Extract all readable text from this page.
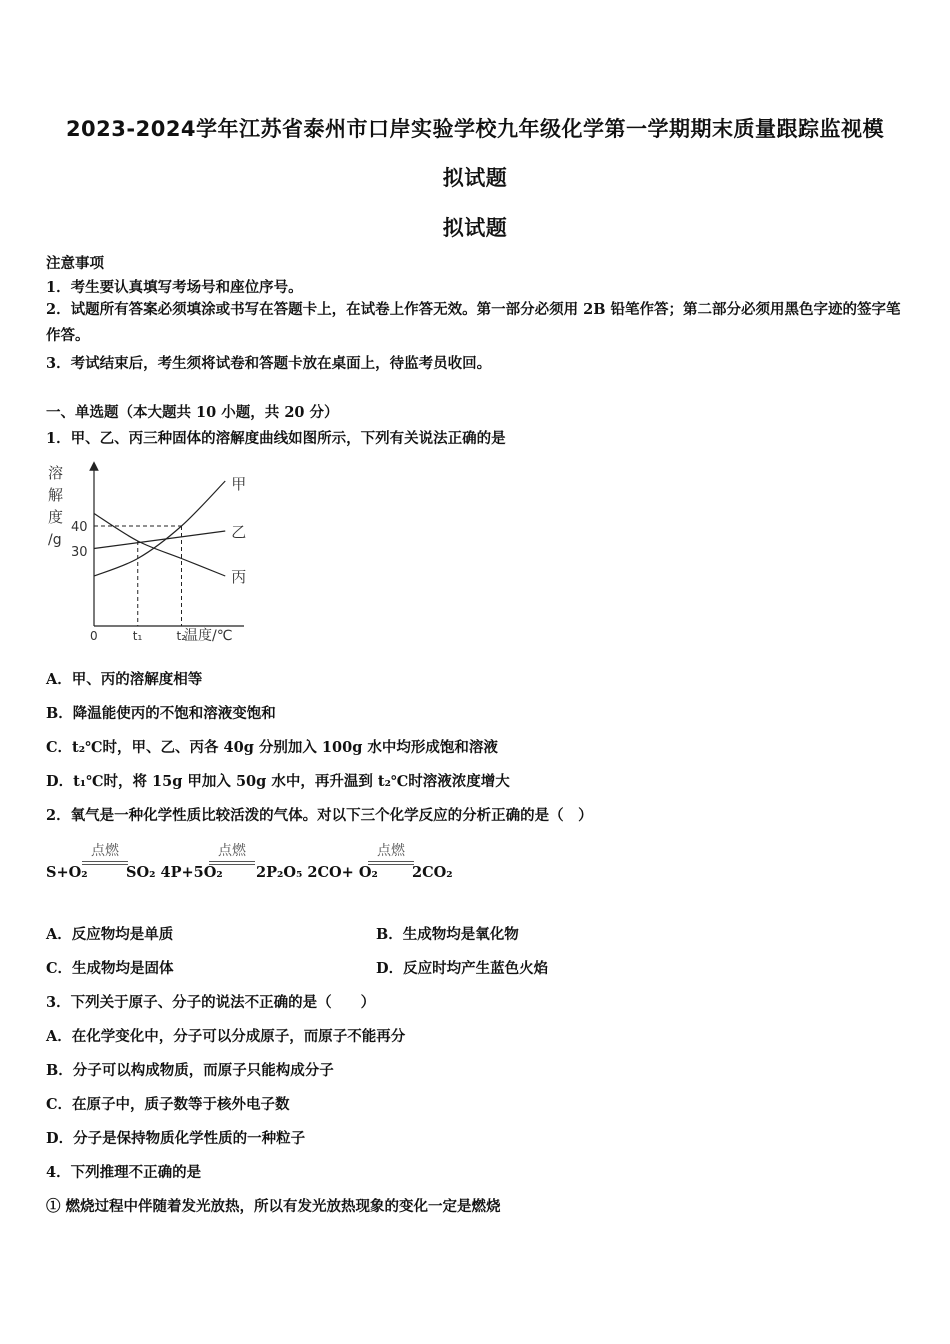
2023-2024学年江苏省泰州市口岸实验学校九年级化学第一学期期末质量跟踪监视模
拟试题
拟试题
注意事项
1．考生要认真填写考场号和座位序号。
2．试题所有答案必须填涂或书写在答题卡上，在试卷上作答无效。第一部分必须用 2B 铅笔作答；第二部分必须用黑色字迹的签字笔作答。
3．考试结束后，考生须将试卷和答题卡放在桌面上，待监考员收回。
一、单选题（本大题共 10 小题，共 20 分）
1．甲、乙、丙三种固体的溶解度曲线如图所示，下列有关说法正确的是
溶
解
度
/g
40
30
0	t₁	t₂
温度/℃
甲
乙
丙
A．甲、丙的溶解度相等
B．降温能使丙的不饱和溶液变饱和
C．t₂℃时，甲、乙、丙各 40g 分别加入 100g 水中均形成饱和溶液
D．t₁℃时，将 15g 甲加入 50g 水中，再升温到 t₂℃时溶液浓度增大
2．氧气是一种化学性质比较活泼的气体。对以下三个化学反应的分析正确的是（　）
S+O₂
点燃
SO₂ 4P+5O₂
点燃
2P₂O₅ 2CO+ O₂
点燃
2CO₂
A．反应物均是单质	B．生成物均是氧化物
C．生成物均是固体	D．反应时均产生蓝色火焰
3．下列关于原子、分子的说法不正确的是（　　）
A．在化学变化中，分子可以分成原子，而原子不能再分
B．分子可以构成物质，而原子只能构成分子
C．在原子中，质子数等于核外电子数
D．分子是保持物质化学性质的一种粒子
4．下列推理不正确的是
① 燃烧过程中伴随着发光放热，所以有发光放热现象的变化一定是燃烧
